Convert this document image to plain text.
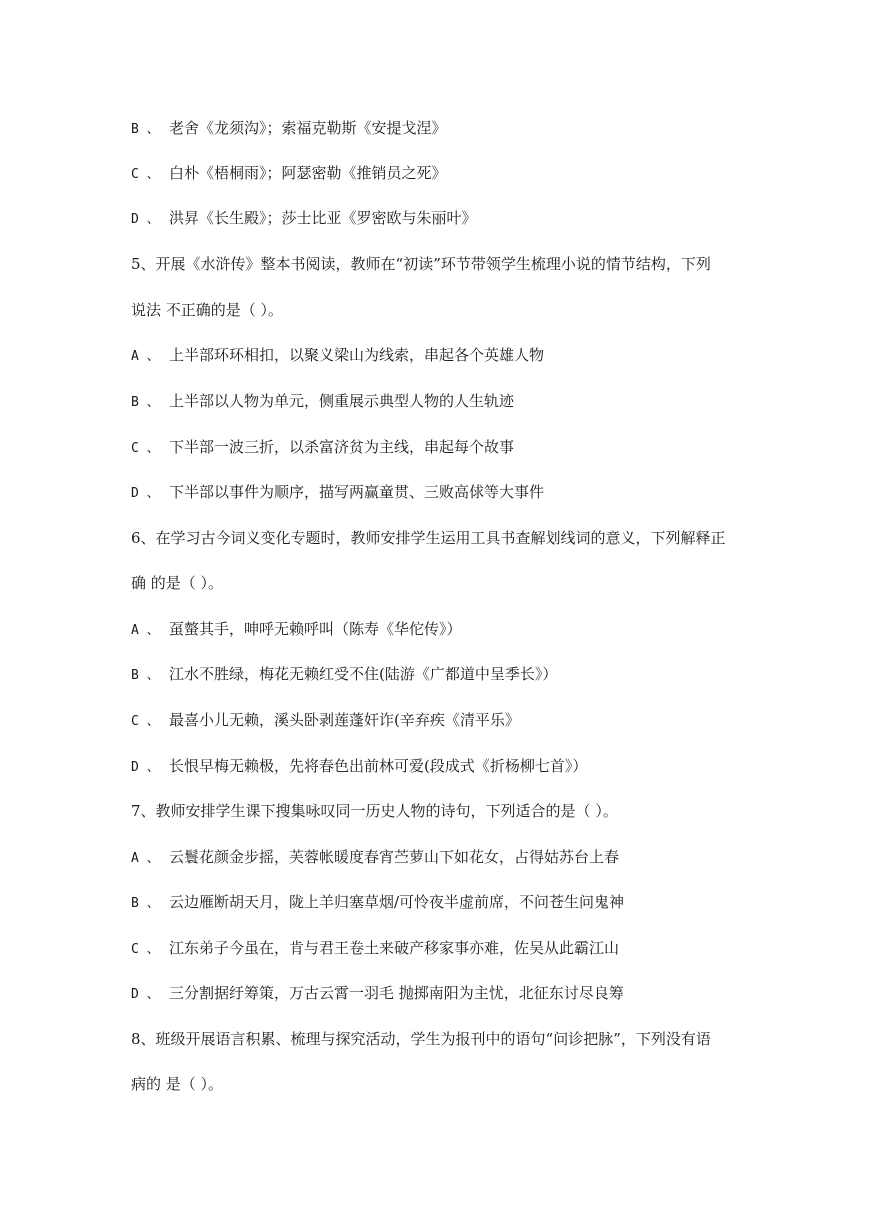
B 、 老舍《龙须沟》；索福克勒斯《安提戈涅》
C 、 白朴《梧桐雨》；阿瑟密勒《推销员之死》
D 、 洪昇《长生殿》；莎士比亚《罗密欧与朱丽叶》
5、开展《水浒传》整本书阅读，教师在“初读”环节带领学生梳理小说的情节结构，下列
说法 不正确的是（ ）。
A 、 上半部环环相扣，以聚义梁山为线索，串起各个英雄人物
B 、 上半部以人物为单元，侧重展示典型人物的人生轨迹
C 、 下半部一波三折，以杀富济贫为主线，串起每个故事
D 、 下半部以事件为顺序，描写两赢童贯、三败高俅等大事件
6、在学习古今词义变化专题时，教师安排学生运用工具书查解划线词的意义，下列解释正
确 的是（ ）。
A 、 虿螫其手，呻呼无赖呼叫（陈寿《华佗传》）
B 、 江水不胜绿，梅花无赖红受不住(陆游《广都道中呈季长》）
C 、 最喜小儿无赖，溪头卧剥莲蓬奸诈(辛弃疾《清平乐》
D 、 长恨早梅无赖极，先将春色出前林可爱(段成式《折杨柳七首》）
7、教师安排学生课下搜集咏叹同一历史人物的诗句，下列适合的是（ ）。
A 、 云鬟花颜金步摇，芙蓉帐暖度春宵苎萝山下如花女，占得姑苏台上春
B 、 云边雁断胡天月，陇上羊归塞草烟/可怜夜半虚前席，不问苍生问鬼神
C 、 江东弟子今虽在，肯与君王卷土来破产移家事亦难，佐吴从此霸江山
D 、 三分割据纡筹策，万古云霄一羽毛 抛掷南阳为主忧，北征东讨尽良筹
8、班级开展语言积累、梳理与探究活动，学生为报刊中的语句“问诊把脉”，下列没有语
病的 是（ ）。
